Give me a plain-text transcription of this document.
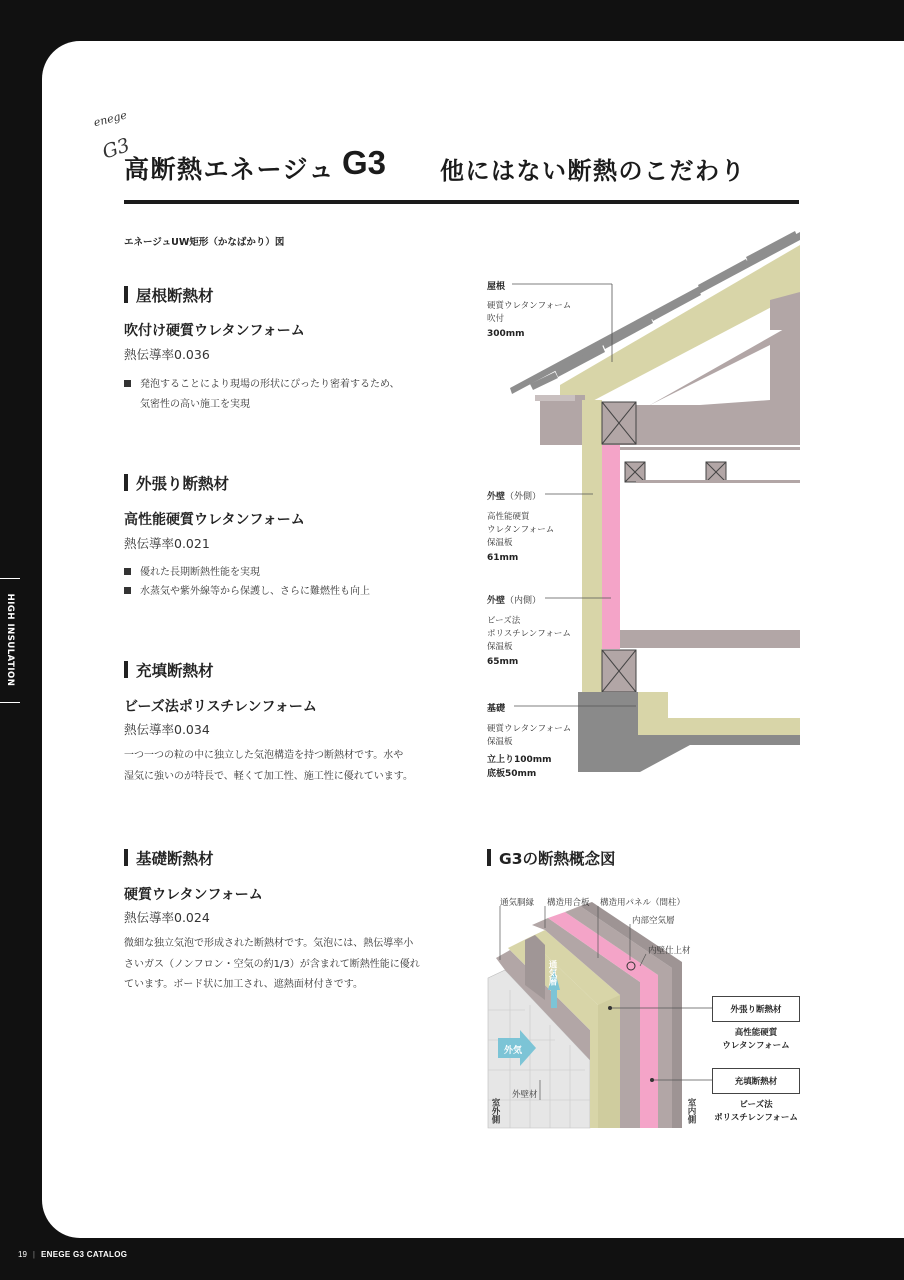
HIGH INSULATION
19 | ENEGE G3 CATALOG
enege
G3
高断熱エネージュ G3 他にはない断熱のこだわり
エネージュUW矩形（かなばかり）図
屋根断熱材
吹付け硬質ウレタンフォーム
熱伝導率0.036
発泡することにより現場の形状にぴったり密着するため、
気密性の高い施工を実現
外張り断熱材
高性能硬質ウレタンフォーム
熱伝導率0.021
優れた長期断熱性能を実現
水蒸気や紫外線等から保護し、さらに難燃性も向上
充填断熱材
ビーズ法ポリスチレンフォーム
熱伝導率0.034
一つ一つの粒の中に独立した気泡構造を持つ断熱材です。水や
湿気に強いのが特長で、軽くて加工性、施工性に優れています。
基礎断熱材
硬質ウレタンフォーム
熱伝導率0.024
微細な独立気泡で形成された断熱材です。気泡には、熱伝導率小
さいガス（ノンフロン・空気の約1/3）が含まれて断熱性能に優れ
ています。ボード状に加工され、遮熱面材付きです。
屋根
硬質ウレタンフォーム
吹付
300mm
外壁（外側）
高性能硬質
ウレタンフォーム
保温板
61mm
外壁（内側）
ビーズ法
ポリスチレンフォーム
保温板
65mm
基礎
硬質ウレタンフォーム
保温板
立上り100mm
底板50mm
G3の断熱概念図
通気胴縁 構造用合板 構造用パネル（間柱）
内部空気層
内壁仕上材
通気層
外気
外壁材
室外側	室内側
外張り断熱材
高性能硬質
ウレタンフォーム
充填断熱材
ビーズ法
ポリスチレンフォーム
